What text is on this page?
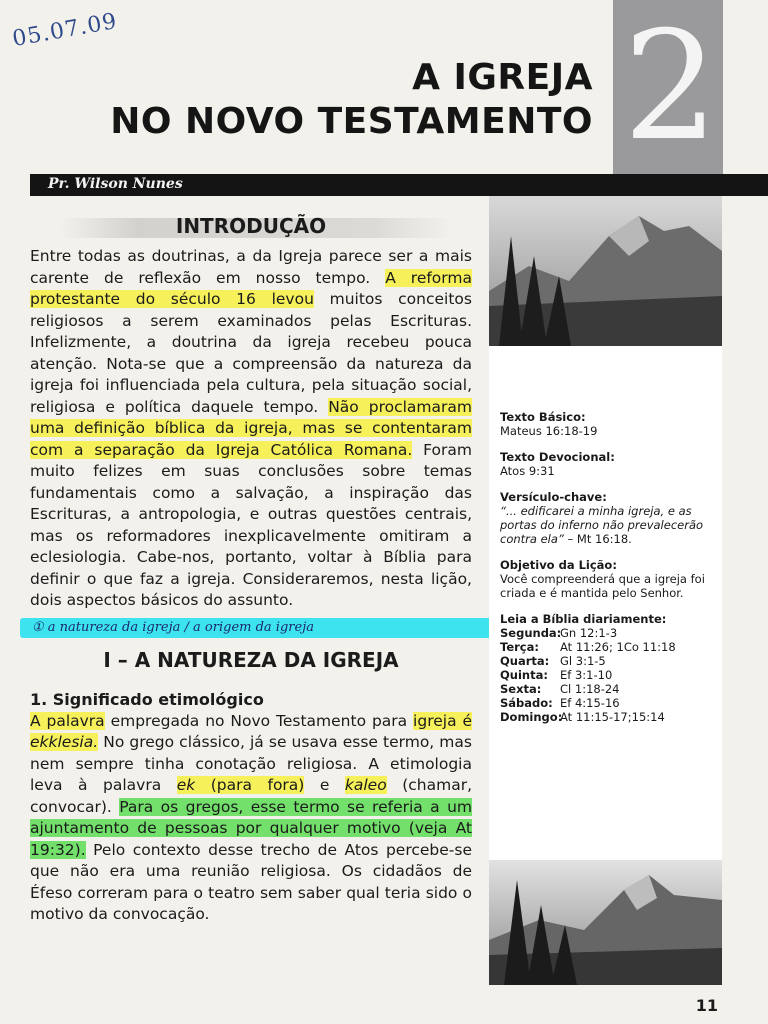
05.07.09
A IGREJA
NO NOVO TESTAMENTO 2
Pr. Wilson Nunes
INTRODUÇÃO

Entre todas as doutrinas, a da Igreja parece ser a mais carente de reflexão em nosso tempo. A reforma protestante do século 16 levou muitos conceitos religiosos a serem examinados pelas Escrituras. Infelizmente, a doutrina da igreja recebeu pouca atenção. Nota-se que a compreensão da natureza da igreja foi influenciada pela cultura, pela situação social, religiosa e política daquele tempo. Não proclamaram uma definição bíblica da igreja, mas se contentaram com a separação da Igreja Católica Romana. Foram muito felizes em suas conclusões sobre temas fundamentais como a salvação, a inspiração das Escrituras, a antropologia, e outras questões centrais, mas os reformadores inexplicavelmente omitiram a eclesiologia. Cabe-nos, portanto, voltar à Bíblia para definir o que faz a igreja. Consideraremos, nesta lição, dois aspectos básicos do assunto.

① a natureza da igreja / a origem da igreja
I – A NATUREZA DA IGREJA
1. Significado etimológico

A palavra empregada no Novo Testamento para igreja é ekklesia. No grego clássico, já se usava esse termo, mas nem sempre tinha conotação religiosa. A etimologia leva à palavra ek (para fora) e kaleo (chamar, convocar). Para os gregos, esse termo se referia a um ajuntamento de pessoas por qualquer motivo (veja At 19:32). Pelo contexto desse trecho de Atos percebe-se que não era uma reunião religiosa. Os cidadãos de Éfeso correram para o teatro sem saber qual teria sido o motivo da convocação.

Texto Básico:
Mateus 16:18-19
Texto Devocional:
Atos 9:31
Versículo-chave:
“... edificarei a minha igreja, e as portas do inferno não prevalecerão contra ela” – Mt 16:18.
Objetivo da Lição:
Você compreenderá que a igreja foi criada e é mantida pelo Senhor.
Leia a Bíblia diariamente:
Segunda:
Gn 12:1-3
Terça:	At 11:26; 1Co 11:18
Quarta: Gl 3:1-5
Quinta:	Ef 3:1-10
Sexta:	Cl 1:18-24
Sábado: Ef 4:15-16
Domingo:
At 11:15-17;15:14
11
